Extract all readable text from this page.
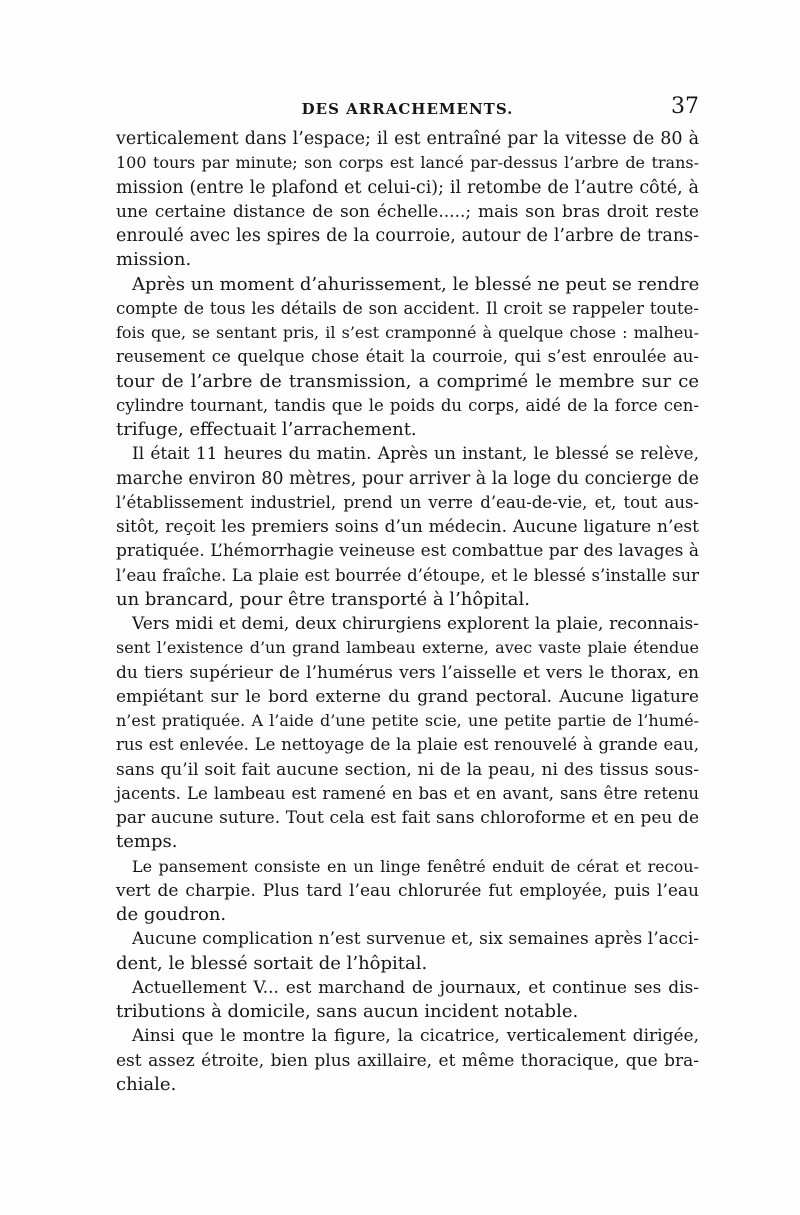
DES ARRACHEMENTS.	37
verticalement dans l’espace; il est entraîné par la vitesse de 80 à
100 tours par minute; son corps est lancé par-dessus l’arbre de trans-
mission (entre le plafond et celui-ci); il retombe de l’autre côté, à
une certaine distance de son échelle.....; mais son bras droit reste
enroulé avec les spires de la courroie, autour de l’arbre de trans-
mission.
Après un moment d’ahurissement, le blessé ne peut se rendre
compte de tous les détails de son accident. Il croit se rappeler toute-
fois que, se sentant pris, il s’est cramponné à quelque chose : malheu-
reusement ce quelque chose était la courroie, qui s’est enroulée au-
tour de l’arbre de transmission, a comprimé le membre sur ce
cylindre tournant, tandis que le poids du corps, aidé de la force cen-
trifuge, effectuait l’arrachement.
Il était 11 heures du matin. Après un instant, le blessé se relève,
marche environ 80 mètres, pour arriver à la loge du concierge de
l’établissement industriel, prend un verre d’eau-de-vie, et, tout aus-
sitôt, reçoit les premiers soins d’un médecin. Aucune ligature n’est
pratiquée. L’hémorrhagie veineuse est combattue par des lavages à
l’eau fraîche. La plaie est bourrée d’étoupe, et le blessé s’installe sur
un brancard, pour être transporté à l’hôpital.
Vers midi et demi, deux chirurgiens explorent la plaie, reconnais-
sent l’existence d’un grand lambeau externe, avec vaste plaie étendue
du tiers supérieur de l’humérus vers l’aisselle et vers le thorax, en
empiétant sur le bord externe du grand pectoral. Aucune ligature
n’est pratiquée. A l’aide d’une petite scie, une petite partie de l’humé-
rus est enlevée. Le nettoyage de la plaie est renouvelé à grande eau,
sans qu’il soit fait aucune section, ni de la peau, ni des tissus sous-
jacents. Le lambeau est ramené en bas et en avant, sans être retenu
par aucune suture. Tout cela est fait sans chloroforme et en peu de
temps.
Le pansement consiste en un linge fenêtré enduit de cérat et recou-
vert de charpie. Plus tard l’eau chlorurée fut employée, puis l’eau
de goudron.
Aucune complication n’est survenue et, six semaines après l’acci-
dent, le blessé sortait de l’hôpital.
Actuellement V... est marchand de journaux, et continue ses dis-
tributions à domicile, sans aucun incident notable.
Ainsi que le montre la figure, la cicatrice, verticalement dirigée,
est assez étroite, bien plus axillaire, et même thoracique, que bra-
chiale.
